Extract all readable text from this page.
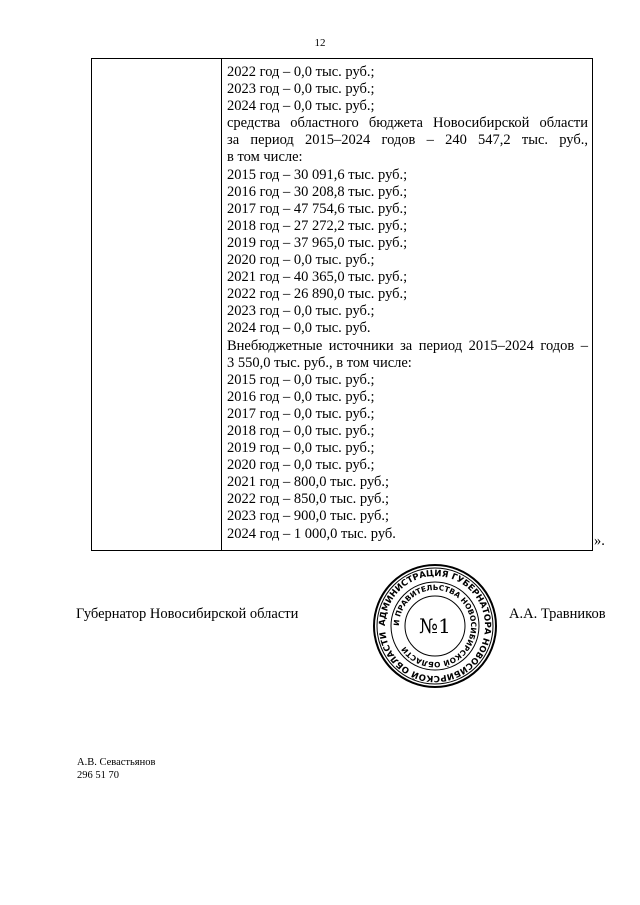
12
2022 год – 0,0 тыс. руб.;
2023 год – 0,0 тыс. руб.;
2024 год – 0,0 тыс. руб.;
средства областного бюджета Новосибирской области
за период 2015–2024 годов – 240 547,2 тыс. руб.,
в том числе:
2015 год – 30 091,6 тыс. руб.;
2016 год – 30 208,8 тыс. руб.;
2017 год – 47 754,6 тыс. руб.;
2018 год – 27 272,2 тыс. руб.;
2019 год – 37 965,0 тыс. руб.;
2020 год – 0,0 тыс. руб.;
2021 год – 40 365,0 тыс. руб.;
2022 год – 26 890,0 тыс. руб.;
2023 год – 0,0 тыс. руб.;
2024 год – 0,0 тыс. руб.
Внебюджетные источники за период 2015–2024 годов –
3 550,0 тыс. руб., в том числе:
2015 год – 0,0 тыс. руб.;
2016 год – 0,0 тыс. руб.;
2017 год – 0,0 тыс. руб.;
2018 год – 0,0 тыс. руб.;
2019 год – 0,0 тыс. руб.;
2020 год – 0,0 тыс. руб.;
2021 год – 800,0 тыс. руб.;
2022 год – 850,0 тыс. руб.;
2023 год – 900,0 тыс. руб.;
2024 год – 1 000,0 тыс. руб.	».
Губернатор Новосибирской области	А.А. Травников
АДМИНИСТРАЦИЯ ГУБЕРНАТОРА НОВОСИБИРСКОЙ ОБЛАСТИ
И ПРАВИТЕЛЬСТВА НОВОСИБИРСКОЙ ОБЛАСТИ
№1
А.В. Севастьянов
296 51 70
